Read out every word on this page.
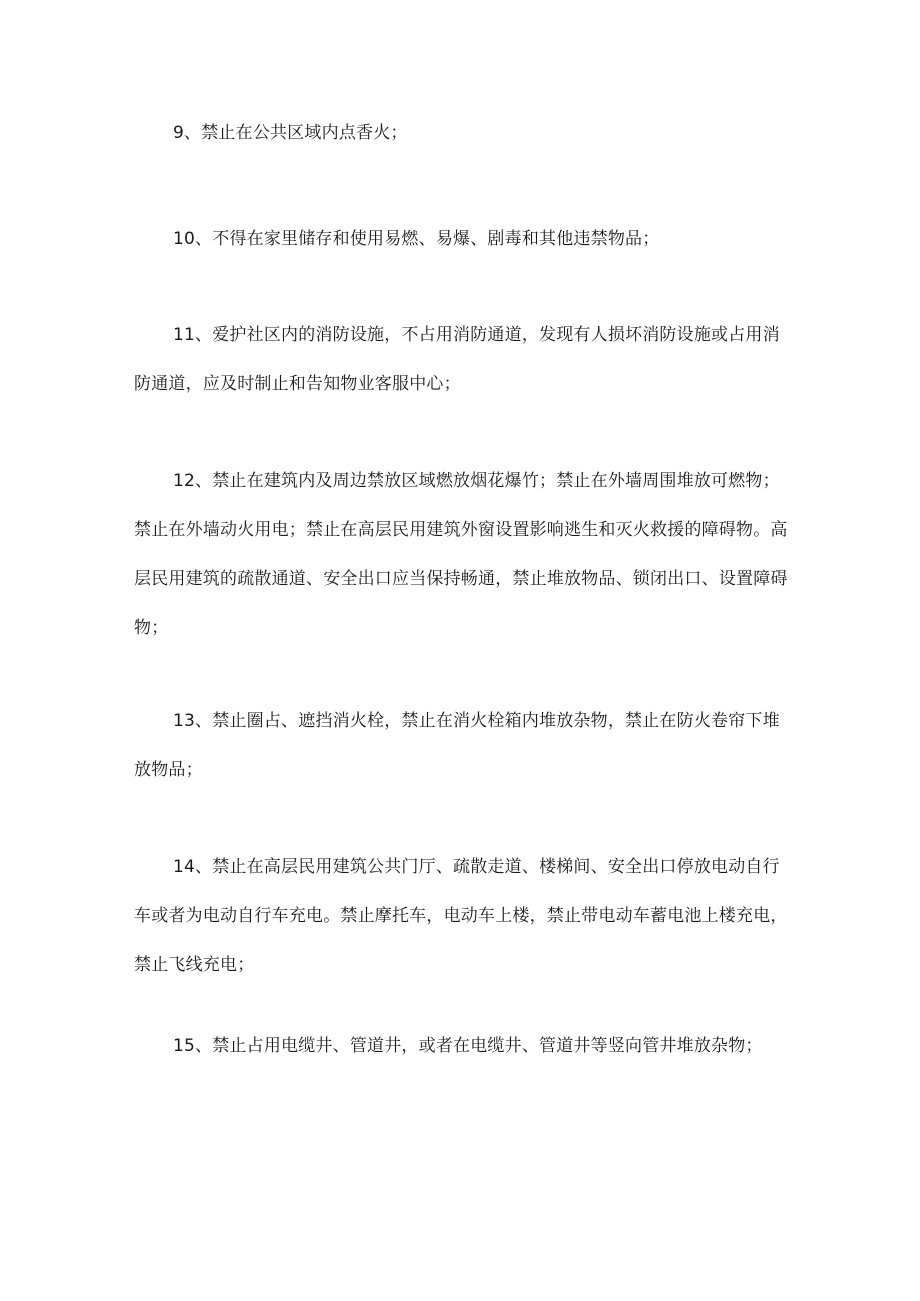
9、禁止在公共区域内点香火；

10、不得在家里储存和使用易燃、易爆、剧毒和其他违禁物品；

11、爱护社区内的消防设施，不占用消防通道，发现有人损坏消防设施或占用消防通道，应及时制止和告知物业客服中心；

12、禁止在建筑内及周边禁放区域燃放烟花爆竹；禁止在外墙周围堆放可燃物；禁止在外墙动火用电；禁止在高层民用建筑外窗设置影响逃生和灭火救援的障碍物。高层民用建筑的疏散通道、安全出口应当保持畅通，禁止堆放物品、锁闭出口、设置障碍物；

13、禁止圈占、遮挡消火栓，禁止在消火栓箱内堆放杂物，禁止在防火卷帘下堆放物品；

14、禁止在高层民用建筑公共门厅、疏散走道、楼梯间、安全出口停放电动自行车或者为电动自行车充电。禁止摩托车，电动车上楼，禁止带电动车蓄电池上楼充电，禁止飞线充电；

15、禁止占用电缆井、管道井，或者在电缆井、管道井等竖向管井堆放杂物；
